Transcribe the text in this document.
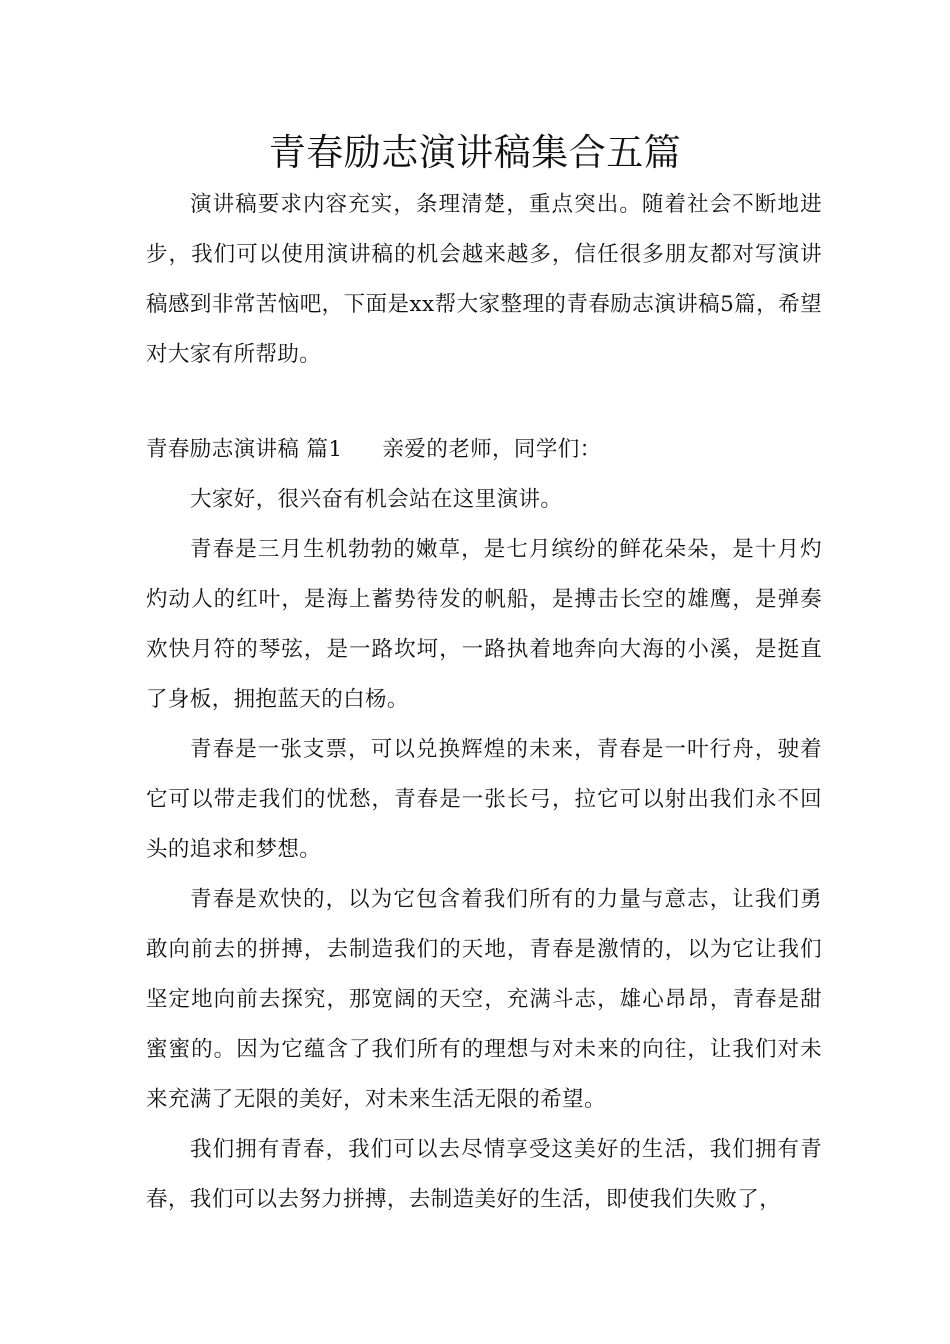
青春励志演讲稿集合五篇

演讲稿要求内容充实，条理清楚，重点突出。随着社会不断地进步，我们可以使用演讲稿的机会越来越多，信任很多朋友都对写演讲稿感到非常苦恼吧，下面是xx帮大家整理的青春励志演讲稿5篇，希望对大家有所帮助。

青春励志演讲稿 篇1 亲爱的老师，同学们：

大家好，很兴奋有机会站在这里演讲。

青春是三月生机勃勃的嫩草，是七月缤纷的鲜花朵朵，是十月灼灼动人的红叶，是海上蓄势待发的帆船，是搏击长空的雄鹰，是弹奏欢快月符的琴弦，是一路坎坷，一路执着地奔向大海的小溪，是挺直了身板，拥抱蓝天的白杨。

青春是一张支票，可以兑换辉煌的未来，青春是一叶行舟，驶着它可以带走我们的忧愁，青春是一张长弓，拉它可以射出我们永不回头的追求和梦想。

青春是欢快的，以为它包含着我们所有的力量与意志，让我们勇敢向前去的拼搏，去制造我们的天地，青春是激情的，以为它让我们坚定地向前去探究，那宽阔的天空，充满斗志，雄心昂昂，青春是甜蜜蜜的。因为它蕴含了我们所有的理想与对未来的向往，让我们对未来充满了无限的美好，对未来生活无限的希望。

我们拥有青春，我们可以去尽情享受这美好的生活，我们拥有青春，我们可以去努力拼搏，去制造美好的生活，即使我们失败了，
